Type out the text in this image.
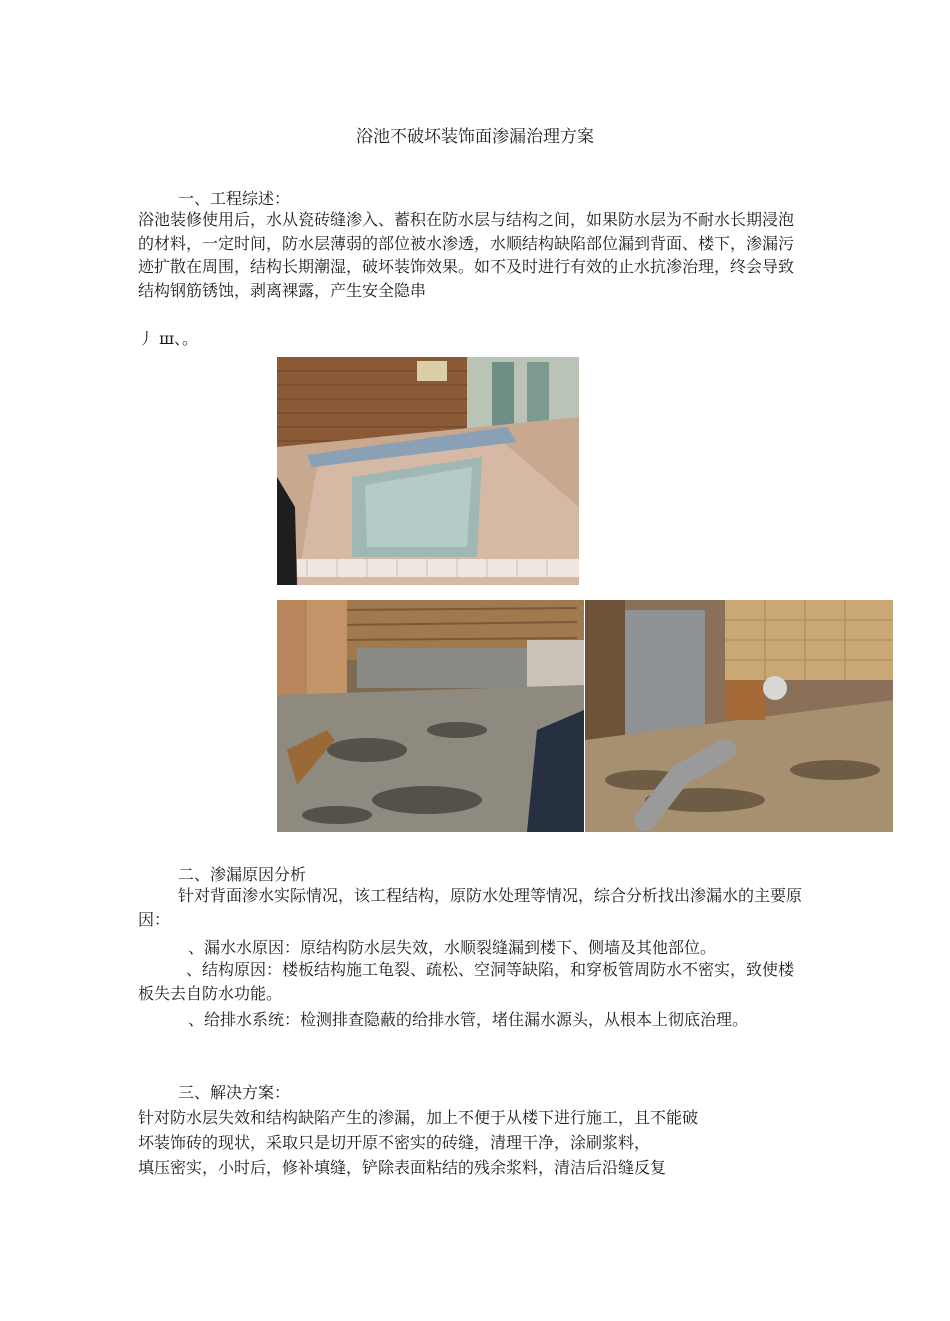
浴池不破坏装饰面渗漏治理方案
一、工程综述：

浴池装修使用后，水从瓷砖缝渗入、蓄积在防水层与结构之间，如果防水层为不耐水长期浸泡的材料，一定时间，防水层薄弱的部位被水渗透，水顺结构缺陷部位漏到背面、楼下，渗漏污迹扩散在周围，结构长期潮湿，破坏装饰效果。如不及时进行有效的止水抗渗治理，终会导致结构钢筋锈蚀，剥离裸露，产生安全隐串

丿 ш、。
二、渗漏原因分析

针对背面渗水实际情况，该工程结构，原防水处理等情况，综合分析找出渗漏水的主要原因：

、漏水水原因：原结构防水层失效，水顺裂缝漏到楼下、侧墙及其他部位。

、结构原因：楼板结构施工龟裂、疏松、空洞等缺陷，和穿板管周防水不密实，致使楼板失去自防水功能。

、给排水系统：检测排查隐蔽的给排水管，堵住漏水源头，从根本上彻底治理。

三、解决方案：
针对防水层失效和结构缺陷产生的渗漏，加上不便于从楼下进行施工，且不能破
坏装饰砖的现状，采取只是切开原不密实的砖缝，清理干净，涂刷浆料，
填压密实，小时后，修补填缝，铲除表面粘结的残余浆料，清洁后沿缝反复
